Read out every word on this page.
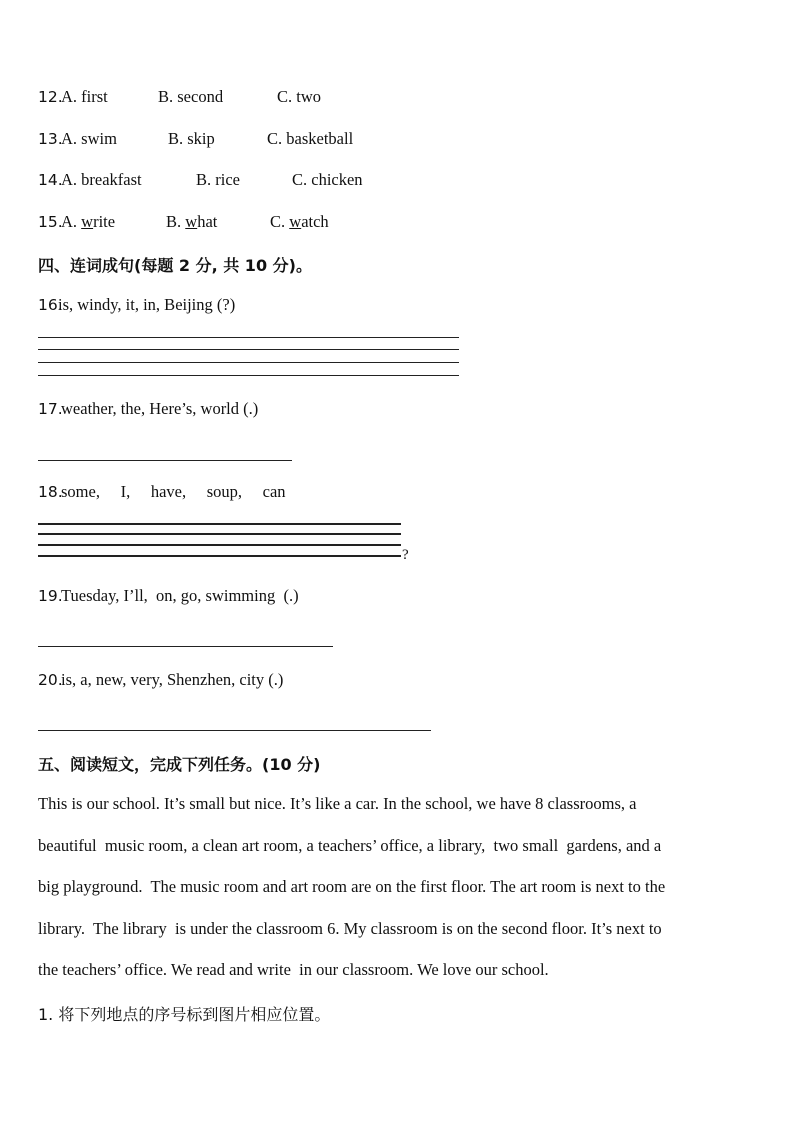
12.
A. first	B. second	C. two
13.
A. swim	B. skip	C. basketball
14.
A. breakfast	B. rice	C. chicken
15.
A. write	B. what	C. watch
四、连词成句(每题 2 分, 共 10 分)。
16.
is, windy, it, in, Beijing (?)
17.
weather, the, Here’s, world (.)
18.
some,     I,     have,     soup,     can
?
19.
Tuesday, I’ll,  on, go, swimming  (.)
20.
is, a, new, very, Shenzhen, city (.)
五、阅读短文，完成下列任务。(10 分)
This is our school. It’s small but nice. It’s like a car. In the school, we have 8 classrooms, a
beautiful  music room, a clean art room, a teachers’ office, a library,  two small  gardens, and a
big playground.  The music room and art room are on the first floor. The art room is next to the
library.  The library  is under the classroom 6. My classroom is on the second floor. It’s next to
the teachers’ office. We read and write  in our classroom. We love our school.
1. 将下列地点的序号标到图片相应位置。
